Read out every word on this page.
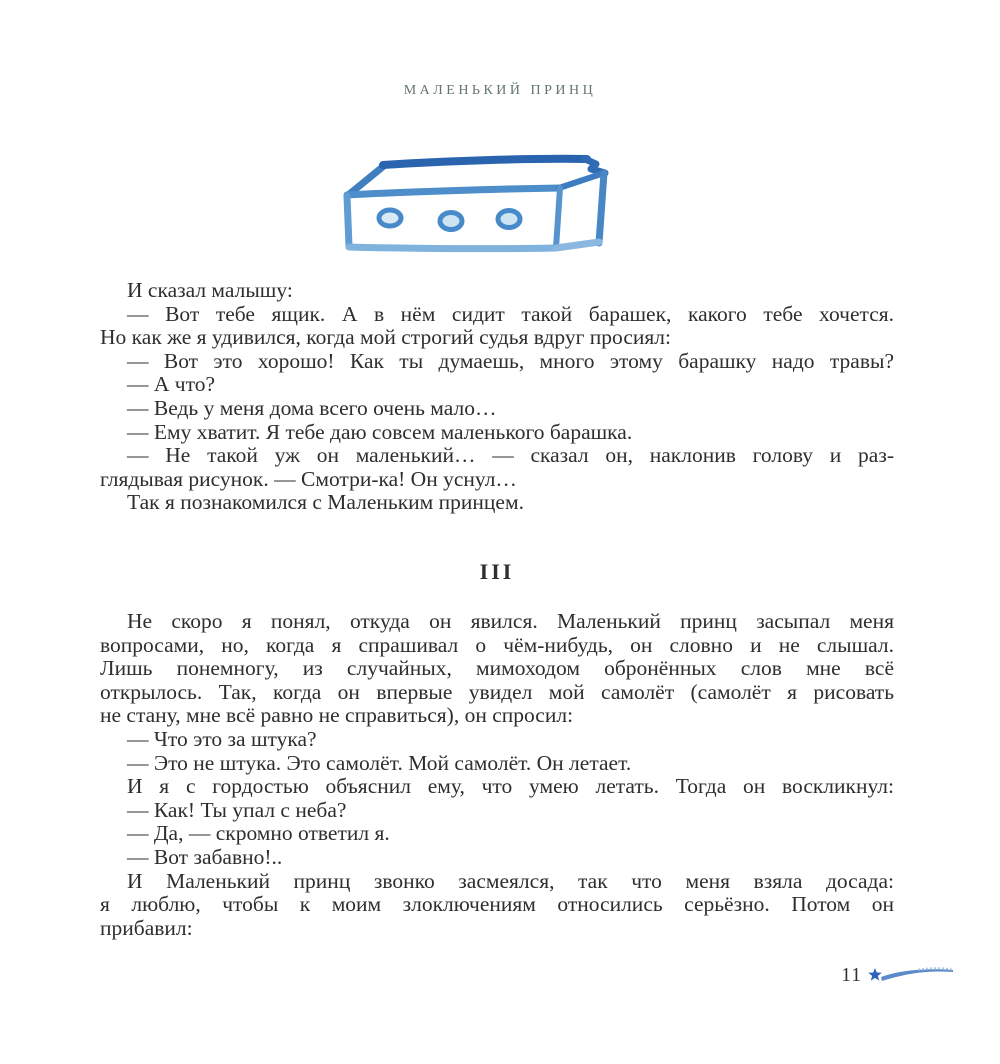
МАЛЕНЬКИЙ ПРИНЦ

И сказал малышу:

— Вот тебе ящик. А в нём сидит такой барашек, какого тебе хочется.

Но как же я удивился, когда мой строгий судья вдруг просиял:

— Вот это хорошо! Как ты думаешь, много этому барашку надо травы?

— А что?

— Ведь у меня дома всего очень мало…

— Ему хватит. Я тебе даю совсем маленького барашка.

— Не такой уж он маленький… — сказал он, наклонив голову и раз-

глядывая рисунок. — Смотри-ка! Он уснул…

Так я познакомился с Маленьким принцем.

III

Не скоро я понял, откуда он явился. Маленький принц засыпал меня

вопросами, но, когда я спрашивал о чём-нибудь, он словно и не слышал.

Лишь понемногу, из случайных, мимоходом обронённых слов мне всё

открылось. Так, когда он впервые увидел мой самолёт (самолёт я рисовать

не стану, мне всё равно не справиться), он спросил:

— Что это за штука?

— Это не штука. Это самолёт. Мой самолёт. Он летает.

И я с гордостью объяснил ему, что умею летать. Тогда он воскликнул:

— Как! Ты упал с неба?

— Да, — скромно ответил я.

— Вот забавно!..

И Маленький принц звонко засмеялся, так что меня взяла досада:

я люблю, чтобы к моим злоключениям относились серьёзно. Потом он

прибавил:

11
